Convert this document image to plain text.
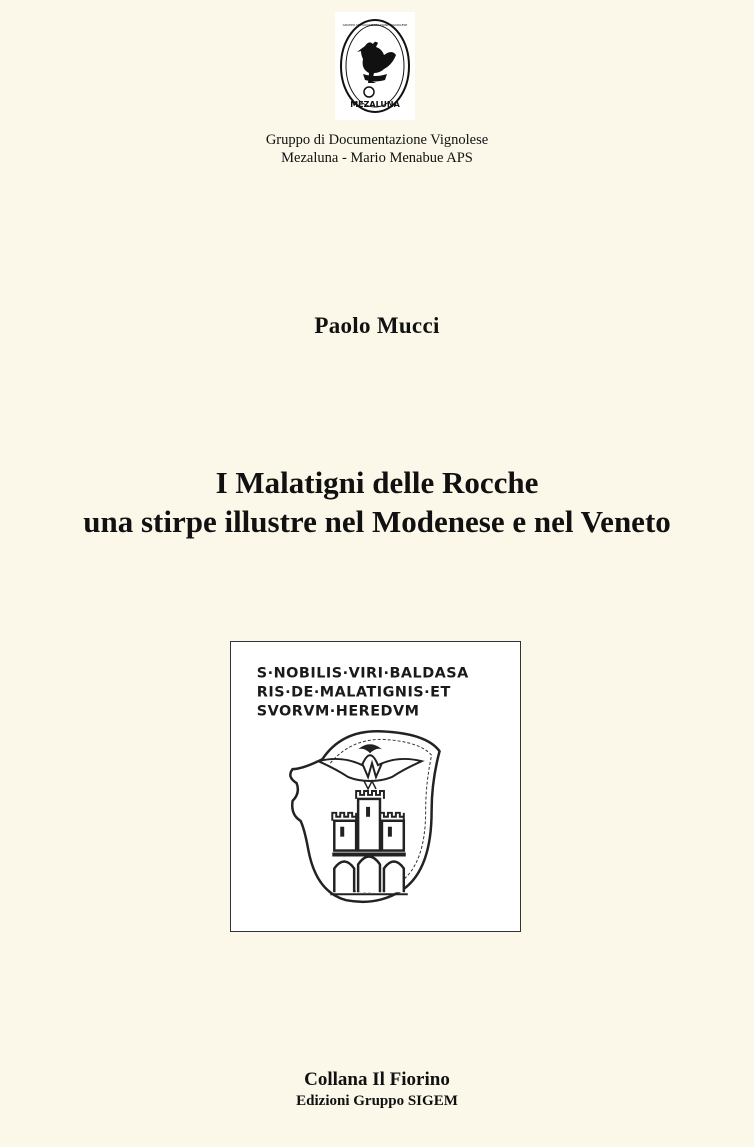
MEZALUNA
GRUPPO DI DOCUMENTAZIONE VIGNOLESE
Gruppo di Documentazione Vignolese
Mezaluna - Mario Menabue APS
Paolo Mucci
I Malatigni delle Rocche
una stirpe illustre nel Modenese e nel Veneto
S·NOBILIS·VIRI·BALDASA
RIS·DE·MALATIGNIS·ET
SVORVM·HEREDVM
Collana Il Fiorino
Edizioni Gruppo SIGEM
